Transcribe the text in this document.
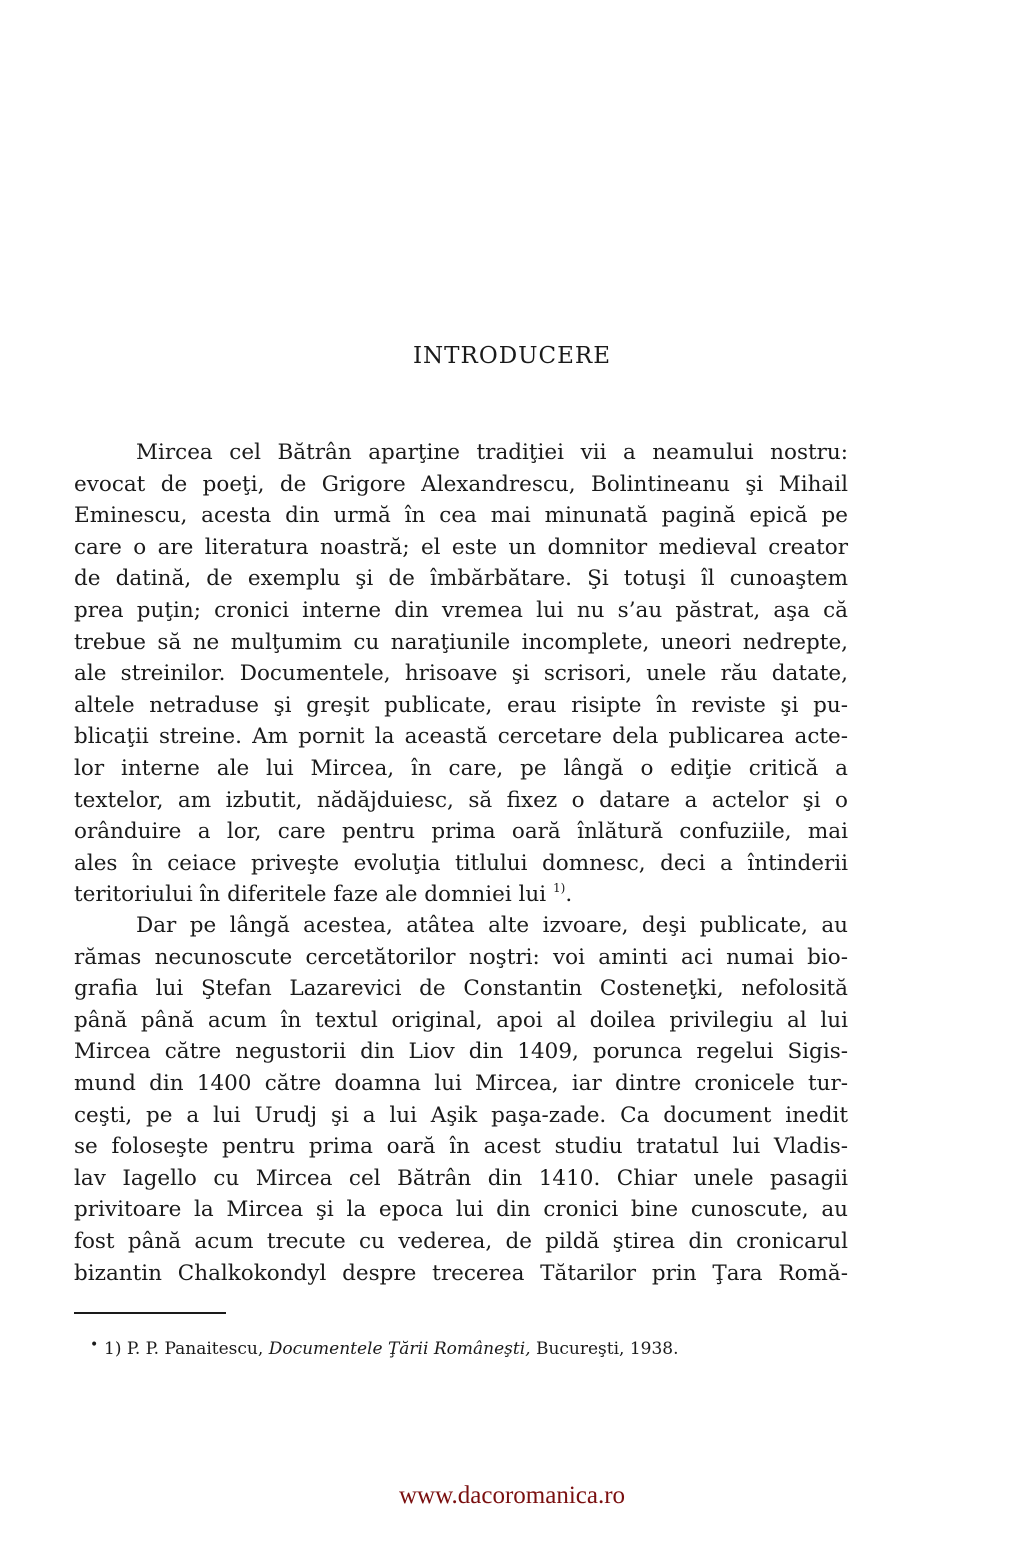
INTRODUCERE
Mircea cel Bătrân aparţine tradiţiei vii a neamului nostru:
evocat de poeţi, de Grigore Alexandrescu, Bolintineanu şi Mihail
Eminescu, acesta din urmă în cea mai minunată pagină epică pe
care o are literatura noastră; el este un domnitor medieval creator
de datină, de exemplu şi de îmbărbătare. Şi totuşi îl cunoaştem
prea puţin; cronici interne din vremea lui nu s’au păstrat, aşa că
trebue să ne mulţumim cu naraţiunile incomplete, uneori nedrepte,
ale streinilor. Documentele, hrisoave şi scrisori, unele rău datate,
altele netraduse şi greşit publicate, erau risipte în reviste şi pu-
blicaţii streine. Am pornit la această cercetare dela publicarea acte-
lor interne ale lui Mircea, în care, pe lângă o ediţie critică a
textelor, am izbutit, nădăjduiesc, să fixez o datare a actelor şi o
orânduire a lor, care pentru prima oară înlătură confuziile, mai
ales în ceiace priveşte evoluţia titlului domnesc, deci a întinderii
teritoriului în diferitele faze ale domniei lui $^{1)}$.
Dar pe lângă acestea, atâtea alte izvoare, deşi publicate, au
rămas necunoscute cercetătorilor noştri: voi aminti aci numai bio-
grafia lui Ştefan Lazarevici de Constantin Costeneţki, nefolosită
până până acum în textul original, apoi al doilea privilegiu al lui
Mircea către negustorii din Liov din 1409, porunca regelui Sigis-
mund din 1400 către doamna lui Mircea, iar dintre cronicele tur-
ceşti, pe a lui Urudj şi a lui Aşik paşa-zade. Ca document inedit
se foloseşte pentru prima oară în acest studiu tratatul lui Vladis-
lav Iagello cu Mircea cel Bătrân din 1410. Chiar unele pasagii
privitoare la Mircea şi la epoca lui din cronici bine cunoscute, au
fost până acum trecute cu vederea, de pildă ştirea din cronicarul
bizantin Chalkokondyl despre trecerea Tătarilor prin Ţara Romă-
• 1) P. P. Panaitescu, Documentele Ţării Româneşti, Bucureşti, 1938.
www.dacoromanica.ro
